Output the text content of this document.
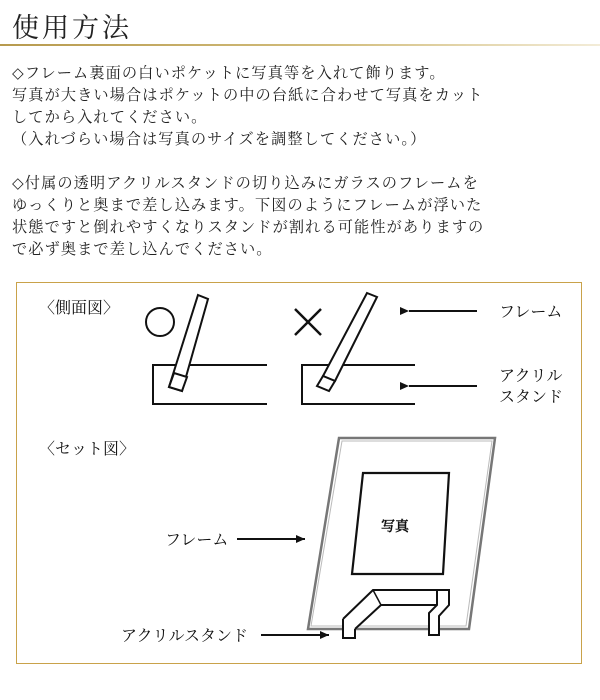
使用方法
◇フレーム裏面の白いポケットに写真等を入れて飾ります。
写真が大きい場合はポケットの中の台紙に合わせて写真をカット
してから入れてください。
（入れづらい場合は写真のサイズを調整してください。）
◇付属の透明アクリルスタンドの切り込みにガラスのフレームを
ゆっくりと奥まで差し込みます。下図のようにフレームが浮いた
状態ですと倒れやすくなりスタンドが割れる可能性がありますの
で必ず奥まで差し込んでください。
〈側面図〉	フレーム
アクリル
スタンド
〈セット図〉
写真
フレーム
アクリルスタンド
